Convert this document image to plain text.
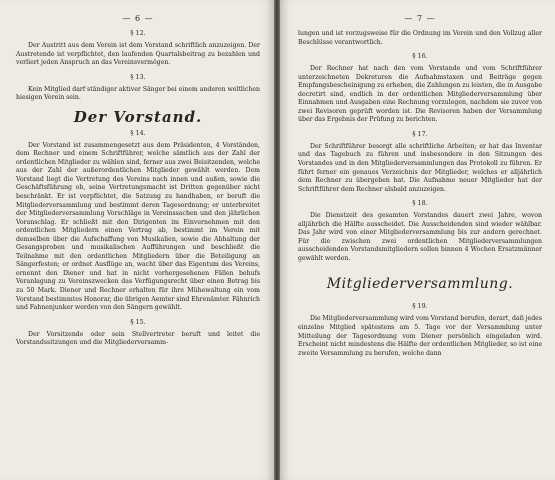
— 6 —
§ 12.

Der Austritt aus dem Verein ist dem Vorstand schriftlich anzuzeigen. Der Austretende ist verpflichtet, den laufenden Quartalsbeitrag zu bezahlen und verliert jeden Anspruch an das Vereinsvermögen.

§ 13.

Kein Mitglied darf ständiger aktiver Sänger bei einem anderen weltlichen hiesigen Verein sein.

Der Vorstand.
§ 14.

Der Vorstand ist zusammengesetzt aus dem Präsidenten, 4 Vorständen, dem Rechner und einem Schriftführer, welche sämtlich aus der Zahl der ordentlichen Mitglieder zu wählen sind, ferner aus zwei Beisitzenden, welche aus der Zahl der außerordentlichen Mitglieder gewählt werden. Dem Vorstand liegt die Vertretung des Vereins nach innen und außen, sowie die Geschäftsführung ob, seine Vertretungsmacht ist Dritten gegenüber nicht beschränkt. Er ist verpflichtet, die Satzung zu handhaben, er beruft die Mitgliederversammlung und bestimmt deren Tagesordnung; er unterbreitet der Mitgliederversammlung Vorschläge in Vereinssachen und den jährlichen Voranschlag. Er schließt mit den Dirigenten im Einvernehmen mit den ordentlichen Mitgliedern einen Vertrag ab, bestimmt im Verein mit demselben über die Aufschaffung von Musikalien, sowie die Abhaltung der Gesangsproben und musikalischen Aufführungen und beschließt die Teilnahme mit den ordentlichen Mitgliedern über die Beteiligung an Sängerfesten; er ordnet Ausflüge an, wacht über das Eigentum des Vereins, ernennt den Diener und hat in nicht vorhergesehenen Fällen behufs Veranlagung zu Vereinszwecken das Verfügungsrecht über einen Betrag bis zu 50 Mark. Diener und Rechner erhalten für ihre Mühewaltung ein vom Vorstand bestimmtes Honorar, die übrigen Aemter sind Ehrenämter. Fähnrich und Fahnenjunker werden von den Sängern gewählt.

§ 15.

Der Vorsitzende oder sein Stellvertreter beruft und leitet die Vorstandssitzungen und die Mitgliederversamm-

— 7 —

lungen und ist vorzugsweise für die Ordnung im Verein und den Vollzug aller Beschlüsse verantwortlich.

§ 16.

Der Rechner hat nach den vom Vorstande und vom Schriftführer unterzeichneten Dekreturen die Aufnahmstaxen und Beiträge gegen Empfangsbescheinigung zu erheben, die Zahlungen zu leisten, die in Ausgabe decretirt sind, endlich in der ordentlichen Mitgliederversammlung über Einnahmen und Ausgaben eine Rechnung vorzulegen, nachdem sie zuvor von zwei Revisoren geprüft worden ist. Die Revisoren haben der Versammlung über das Ergebnis der Prüfung zu berichten.

§ 17.

Der Schriftführer besorgt alle schriftliche Arbeiten; er hat das Inventar und das Tagebuch zu führen und insbesondere in den Sitzungen des Vorstandes und in den Mitgliederversammlungen das Protokoll zu führen. Er führt ferner ein genaues Verzeichnis der Mitglieder, welches er alljährlich dem Rechner zu übergeben hat. Die Aufnahme neuer Mitglieder hat der Schriftführer dem Rechner alsbald anzuzeigen.

§ 18.

Die Dienstzeit des gesamten Vorstandes dauert zwei Jahre, wovon alljährlich die Hälfte ausscheidet. Die Ausscheidenden sind wieder wählbar. Das Jahr wird von einer Mitgliederversammlung bis zur andern gerechnet. Für die zwischen zwei ordentlichen Mitgliederversammlungen ausscheidenden Vorstandsmitgliedern sollen binnen 4 Wochen Ersatzmänner gewählt werden.

Mitgliederversammlung.
§ 19.

Die Mitgliederversammlung wird vom Vorstand berufen, derart, daß jedes einzelne Mitglied spätestens am 5. Tage vor der Versammlung unter Mitteilung der Tagesordnung vom Diener persönlich eingeladen wird. Erscheint nicht mindestens die Hälfte der ordentlichen Mitglieder, so ist eine zweite Versammlung zu berufen, welche dann
